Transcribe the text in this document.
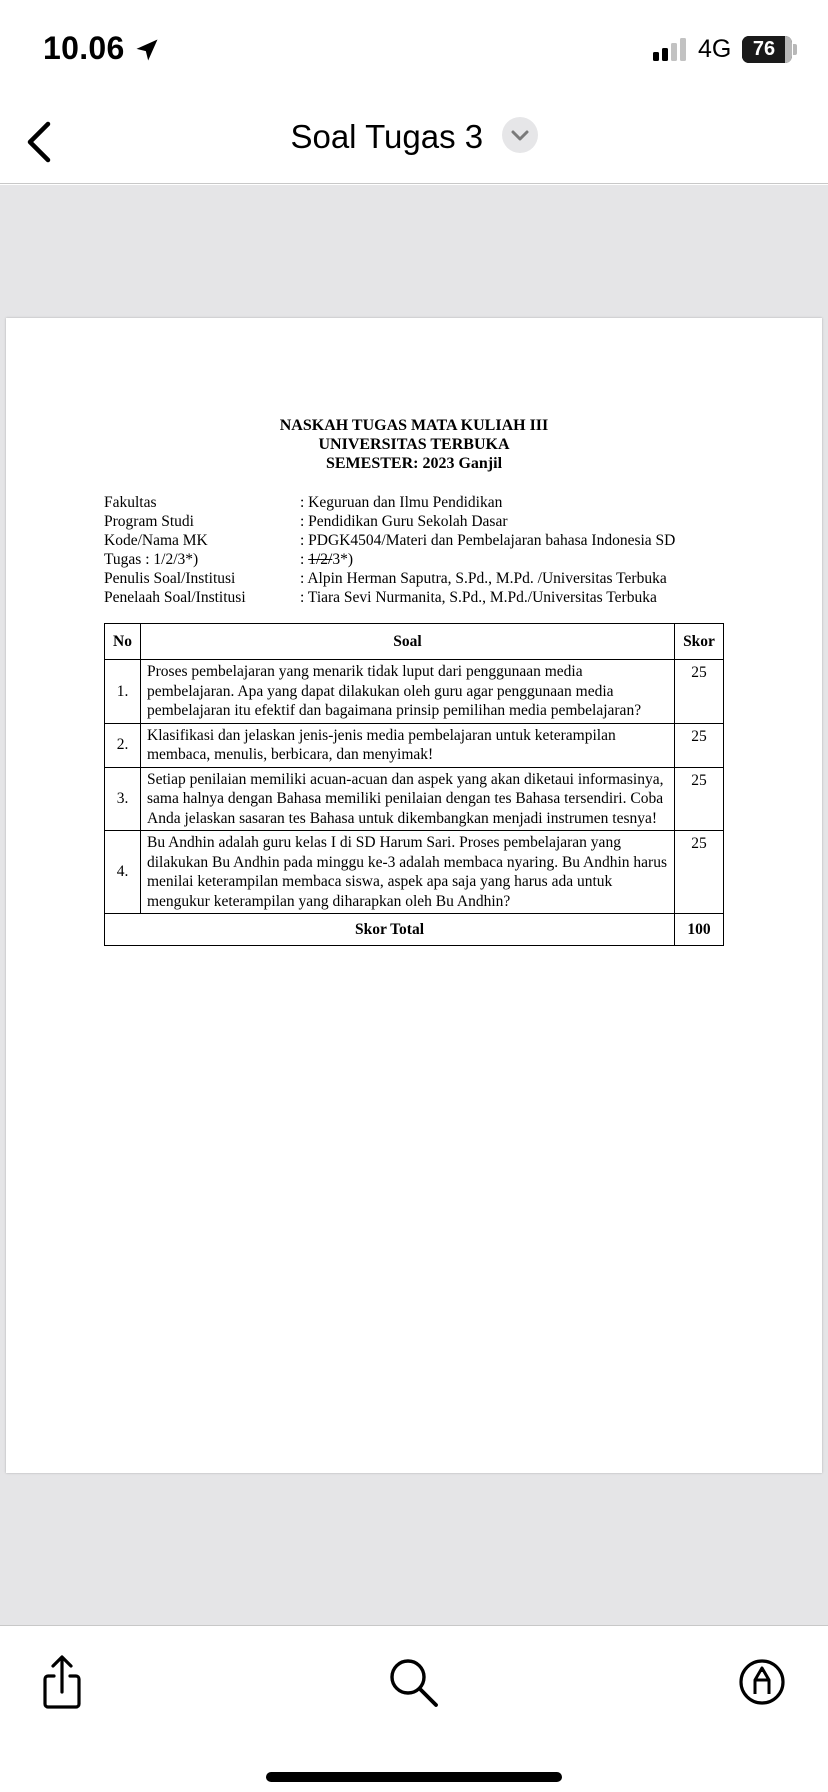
10.06	4G	76
Soal Tugas 3
NASKAH TUGAS MATA KULIAH III
UNIVERSITAS TERBUKA
SEMESTER: 2023 Ganjil
Fakultas	: Keguruan dan Ilmu Pendidikan
Program Studi	: Pendidikan Guru Sekolah Dasar
Kode/Nama MK	: PDGK4504/Materi dan Pembelajaran bahasa Indonesia SD
Tugas : 1/2/3*)	: 1/2/3*)
Penulis Soal/Institusi	: Alpin Herman Saputra, S.Pd., M.Pd. /Universitas Terbuka
Penelaah Soal/Institusi	: Tiara Sevi Nurmanita, S.Pd., M.Pd./Universitas Terbuka
No	Soal	Skor
1.	Proses pembelajaran yang menarik tidak luput dari penggunaan media pembelajaran. Apa yang dapat dilakukan oleh guru agar penggunaan media pembelajaran itu efektif dan bagaimana prinsip pemilihan media pembelajaran?	25
2.	Klasifikasi dan jelaskan jenis-jenis media pembelajaran untuk keterampilan membaca, menulis, berbicara, dan menyimak!	25
3.	Setiap penilaian memiliki acuan-acuan dan aspek yang akan diketaui informasinya, sama halnya dengan Bahasa memiliki penilaian dengan tes Bahasa tersendiri. Coba Anda jelaskan sasaran tes Bahasa untuk dikembangkan menjadi instrumen tesnya!	25
4.	Bu Andhin adalah guru kelas I di SD Harum Sari. Proses pembelajaran yang dilakukan Bu Andhin pada minggu ke-3 adalah membaca nyaring. Bu Andhin harus menilai keterampilan membaca siswa, aspek apa saja yang harus ada untuk mengukur keterampilan yang diharapkan oleh Bu Andhin?	25
Skor Total		100
